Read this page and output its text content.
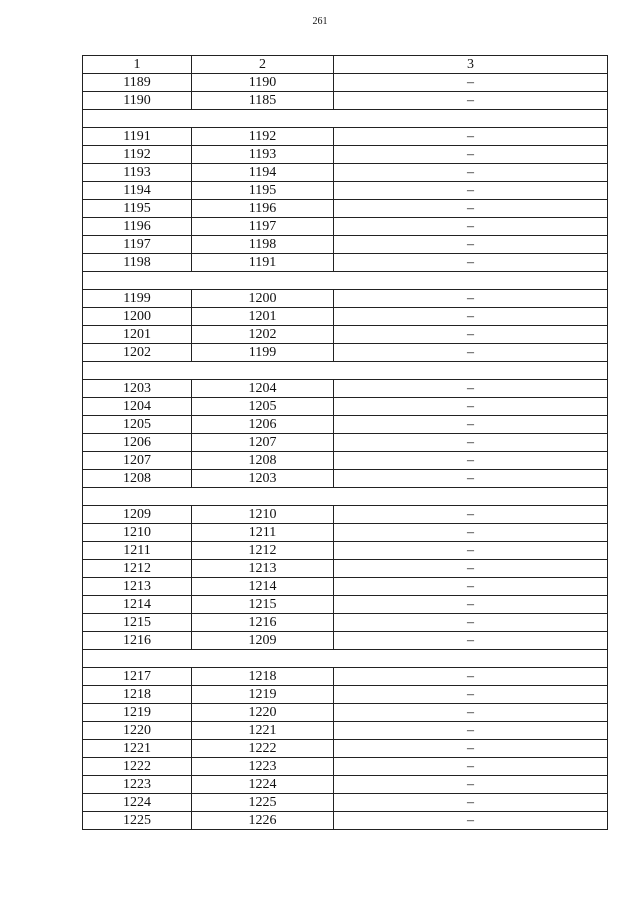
261
1	2	3
1189	1190	–
1190	1185	–

1191	1192	–
1192	1193	–
1193	1194	–
1194	1195	–
1195	1196	–
1196	1197	–
1197	1198	–
1198	1191	–

1199	1200	–
1200	1201	–
1201	1202	–
1202	1199	–

1203	1204	–
1204	1205	–
1205	1206	–
1206	1207	–
1207	1208	–
1208	1203	–

1209	1210	–
1210	1211	–
1211	1212	–
1212	1213	–
1213	1214	–
1214	1215	–
1215	1216	–
1216	1209	–

1217	1218	–
1218	1219	–
1219	1220	–
1220	1221	–
1221	1222	–
1222	1223	–
1223	1224	–
1224	1225	–
1225	1226	–
